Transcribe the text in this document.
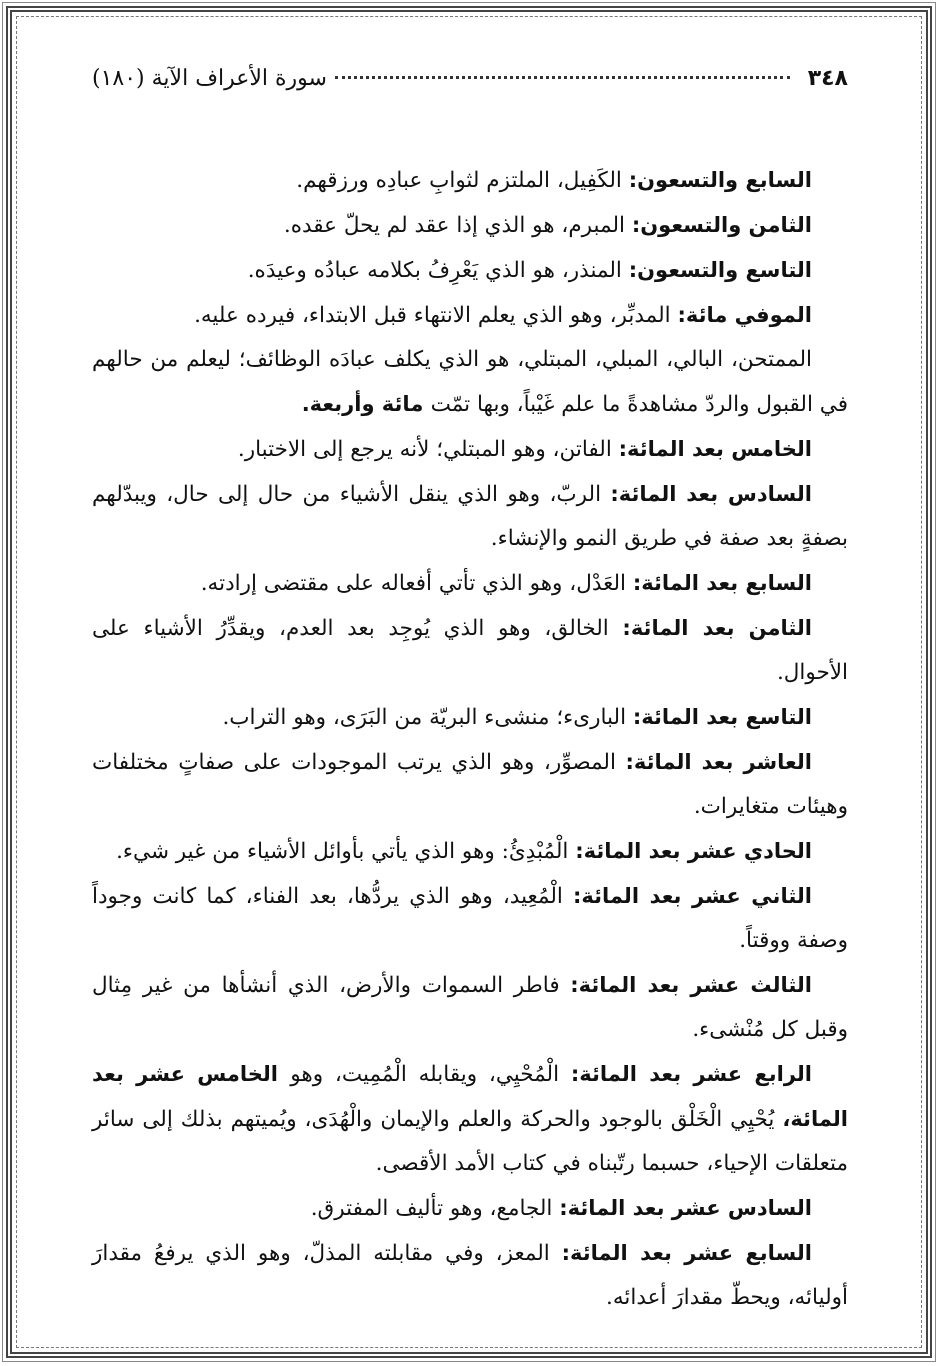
٣٤٨
سورة الأعراف الآية (١٨٠)

السابع والتسعون: الكَفِيل، الملتزم لثوابِ عبادِه ورزقهم.

الثامن والتسعون: المبرم، هو الذي إذا عقد لم يحلّ عقده.

التاسع والتسعون: المنذر، هو الذي يَعْرِفُ بكلامه عبادُه وعيدَه.

الموفي مائة: المدبِّر، وهو الذي يعلم الانتهاء قبل الابتداء، فيرده عليه.

الممتحن، البالي، المبلي، المبتلي، هو الذي يكلف عبادَه الوظائف؛ ليعلم من حالهم في القبول والردّ مشاهدةً ما علم غَيْباً، وبها تمّت مائة وأربعة.

الخامس بعد المائة: الفاتن، وهو المبتلي؛ لأنه يرجع إلى الاختبار.

السادس بعد المائة: الربّ، وهو الذي ينقل الأشياء من حال إلى حال، ويبدّلهم بصفةٍ بعد صفة في طريق النمو والإنشاء.

السابع بعد المائة: العَدْل، وهو الذي تأتي أفعاله على مقتضى إرادته.

الثامن بعد المائة: الخالق، وهو الذي يُوجِد بعد العدم، ويقدِّرُ الأشياء على الأحوال.

التاسع بعد المائة: البارىء؛ منشىء البريّة من البَرَى، وهو التراب.

العاشر بعد المائة: المصوِّر، وهو الذي يرتب الموجودات على صفاتٍ مختلفات وهيئات متغايرات.

الحادي عشر بعد المائة: الْمُبْدِئُ: وهو الذي يأتي بأوائل الأشياء من غير شيء.

الثاني عشر بعد المائة: الْمُعِيد، وهو الذي يردُّها، بعد الفناء، كما كانت وجوداً وصفة ووقتاً.

الثالث عشر بعد المائة: فاطر السموات والأرض، الذي أنشأها من غير مِثال وقبل كل مُنْشىء.

الرابع عشر بعد المائة: الْمُحْيِي، ويقابله الْمُمِيت، وهو الخامس عشر بعد المائة، يُحْيِي الْخَلْق بالوجود والحركة والعلم والإيمان والْهُدَى، ويُميتهم بذلك إلى سائر متعلقات الإحياء، حسبما رتّبناه في كتاب الأمد الأقصى.

السادس عشر بعد المائة: الجامع، وهو تأليف المفترق.

السابع عشر بعد المائة: المعز، وفي مقابلته المذلّ، وهو الذي يرفعُ مقدارَ أوليائه، ويحطّ مقدارَ أعدائه.
